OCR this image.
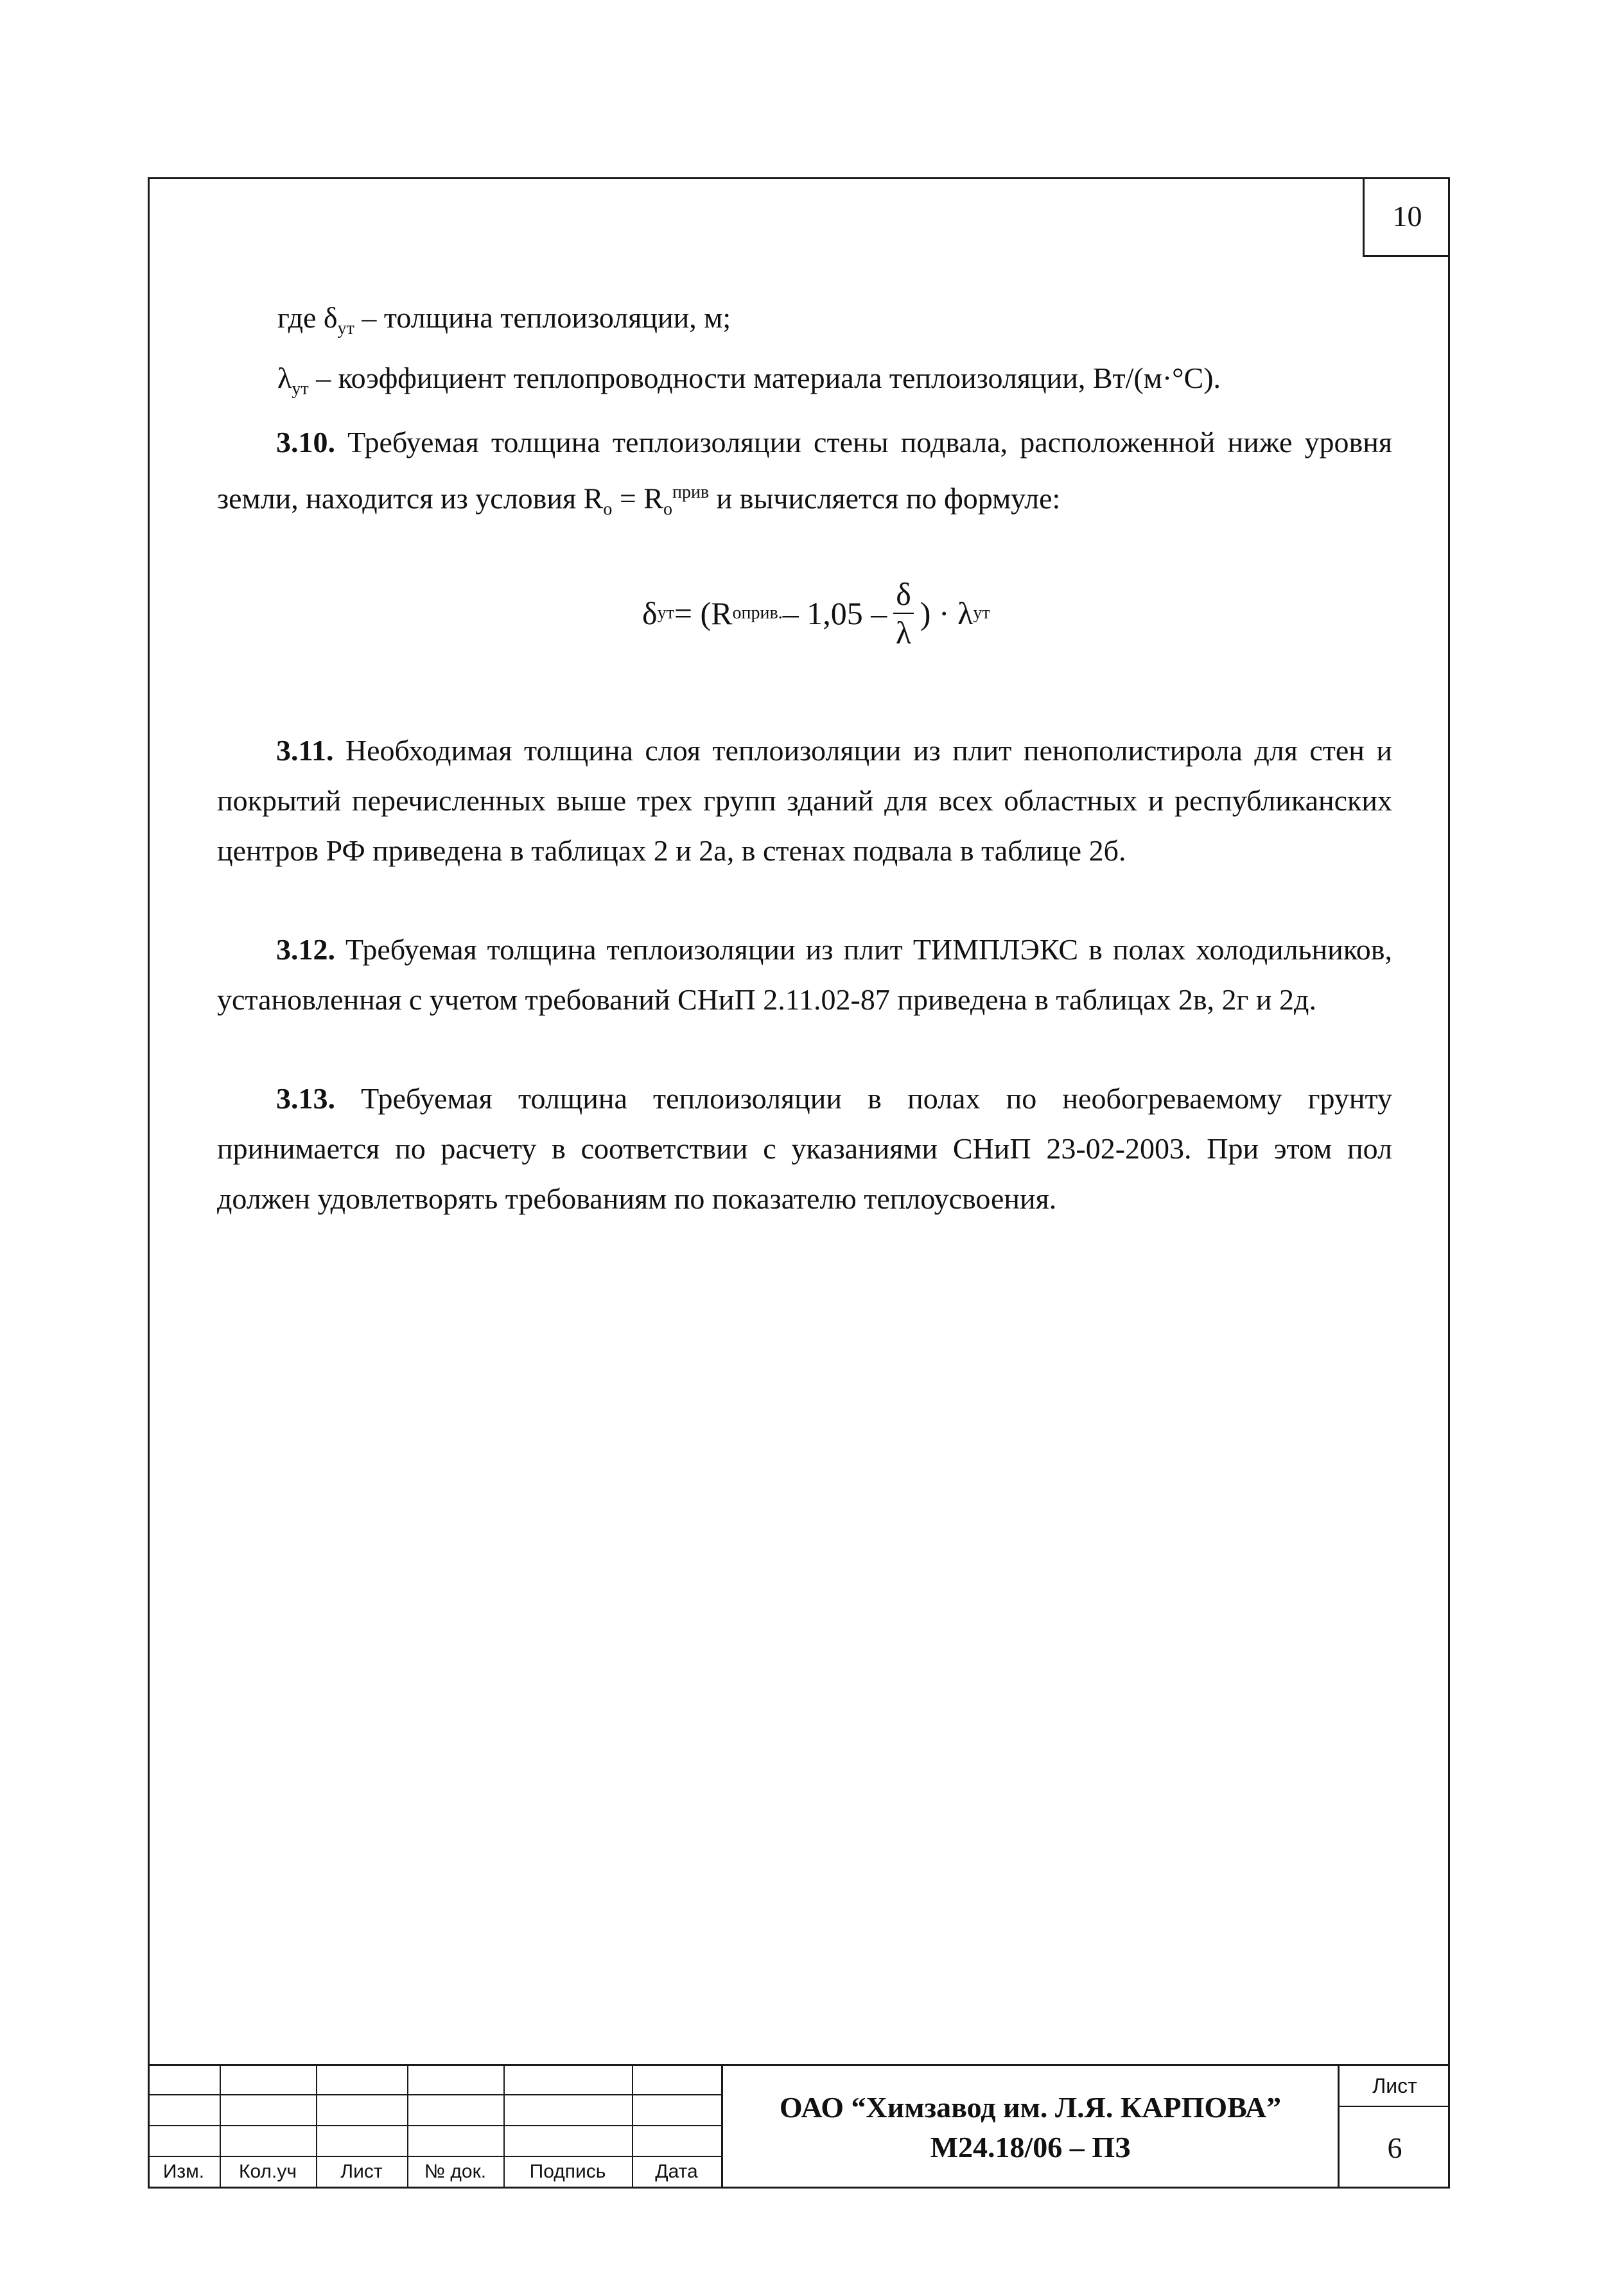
10
где $\delta_{ут}$ – толщина теплоизоляции, м;
$\lambda_{ут}$ – коэффициент теплопроводности материала теплоизоляции, Вт/(м·°С).

3.10. Требуемая толщина теплоизоляции стены подвала, расположенной ниже уровня земли, находится из условия $R_о = R_о^{прив}$ и вычисляется по формуле:

δ ут = (R о прив. – $1,05 - \frac{\delta}{\lambda}$ ) · λ ут

3.11. Необходимая толщина слоя теплоизоляции из плит пенополистирола для стен и покрытий перечисленных выше трех групп зданий для всех областных и республиканских центров РФ приведена в таблицах 2 и 2а, в стенах подвала в таблице 2б.

3.12. Требуемая толщина теплоизоляции из плит ТИМПЛЭКС в полах холодильников, установленная с учетом требований СНиП 2.11.02-87 приведена в таблицах 2в, 2г и 2д.

3.13. Требуемая толщина теплоизоляции в полах по необогреваемому грунту принимается по расчету в соответствии с указаниями СНиП 23-02-2003. При этом пол должен удовлетворять требованиям по показателю теплоусвоения.

Изм.	Кол.уч	Лист	№ док.	Подпись	Дата
ОАО “Химзавод им. Л.Я. КАРПОВА”
М24.18/06 – ПЗ
Лист
6
